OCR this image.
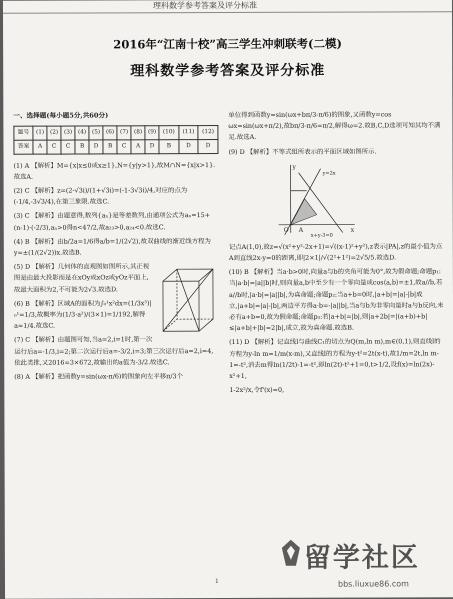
理科数学参考答案及评分标准
2016年“江南十校”高三学生冲刺联考(二模)
理科数学参考答案及评分标准
一、选择题(每小题5分,共60分)
题号	(1)	(2)	(3)	(4)	(5)	(6)	(7)	(8)	(9)	(10)	(11)	(12)
答案	A	C	C	B	D	B	C	A	D	B	D	D

(1) A 【解析】M={x|x≤0或x≥1},N={y|y>1},故M∩N={x|x>1}.故选A.

(2) C 【解析】z=(2-√3i)/(1+√3i)=(-1-3√3i)/4,对应的点为(-1/4,-3√3/4),在第三象限.故选C.

(3) C 【解析】由题意得,数列{aₙ}是等差数列,由通项公式为aₙ=15+(n-1)·(-2/3),aₙ>0得n<47/2,故a₂₃>0,a₂₄<0.故选C.

(4) B 【解析】由b/2a=1/6得a/b=1/(2√2),故双曲线的渐近线方程为y=±(1/(2√2))x.故选B.

(5) D 【解析】几何体的直观图如图所示,其正视图是由最大投影而是在xOy或xOz或yOz平面上,故最大面积为2,不可能为2√3.故选D.

(6) B 【解析】区域A的面积为∫₀¹x²dx=(1/3x³)|₀¹=1/3,故概率为(1/3·a²)/(3×1)=1/192,解得a=1/4.故选C.

(7) C 【解析】由题图可知,当a=2,i=1时,第一次运行后a=-1/3,i=2;第二次运行后a=-3/2,i=3;第三次运行后a=2,i=4,依此类推,又2016=3×672,故输出的a值为-3/2.故选C.

(8) A 【解析】把函数y=sin(ωx-π/6)的图象向左平移π/3个

单位得到函数y=sin(ωx+bπ/3-π/6)的图象,又函数y=cos ωx=sin(ωx+π/2),故bπ/3-π/6=π/2,解得ω=2.故B,C,D选项可知其均不满足.故选A.

(9) D 【解析】不等式组所表示的平面区域如图所示.

y
x
y=2x
x+y-3=0
O A

记点A(1,0),故z=√(x²+y²-2x+1)=√((x-1)²+y²),z表示|PA|,z的最小值为点A到直线2x-y=0的距离,即|2×1|/√(2²+1²)=2√5/5.故选D.

(10) B 【解析】当a·b>0时,向量a与b的夹角可能为0°,故为假命题;命题p₁:当|a·b|=|a||b|时,则向量a,b中至少有一个零向量或cos⟨a,b⟩=±1,故a//b,若a//b时,|a·b|=|a||b|,为真命题;命题p₂:当a+b=0时,|a+b|=|a|-|b|成立,|a+b|=|a|-|b|,两边平方得a·b=-|a||b|,当a与b为非零向量时a与b反向,未必有a+b=0,故为假命题;命题p₃:若|a+b|=|b|,则|a+2b|=|(a+b)+b|≤|a+b|+|b|=2|b|,成立,故为真命题.故选B.

(11) D 【解析】记直线l与曲线C₁的切点为Q(m,ln m),m∈(0,1),则直线l的方程为y-ln m=1/m(x-m),又直线l的方程为y-t²=2t(x-t),故1/m=2t,ln m-1=-t²,消去m得ln(1/2t)-1=-t²,即ln(2t)-t²+1=0,t>1/2,设f(x)=ln(2x)-x²+1,

1-2x²/x,令f'(x)=0,

1
留学社区
bbs.liuxue86.com
